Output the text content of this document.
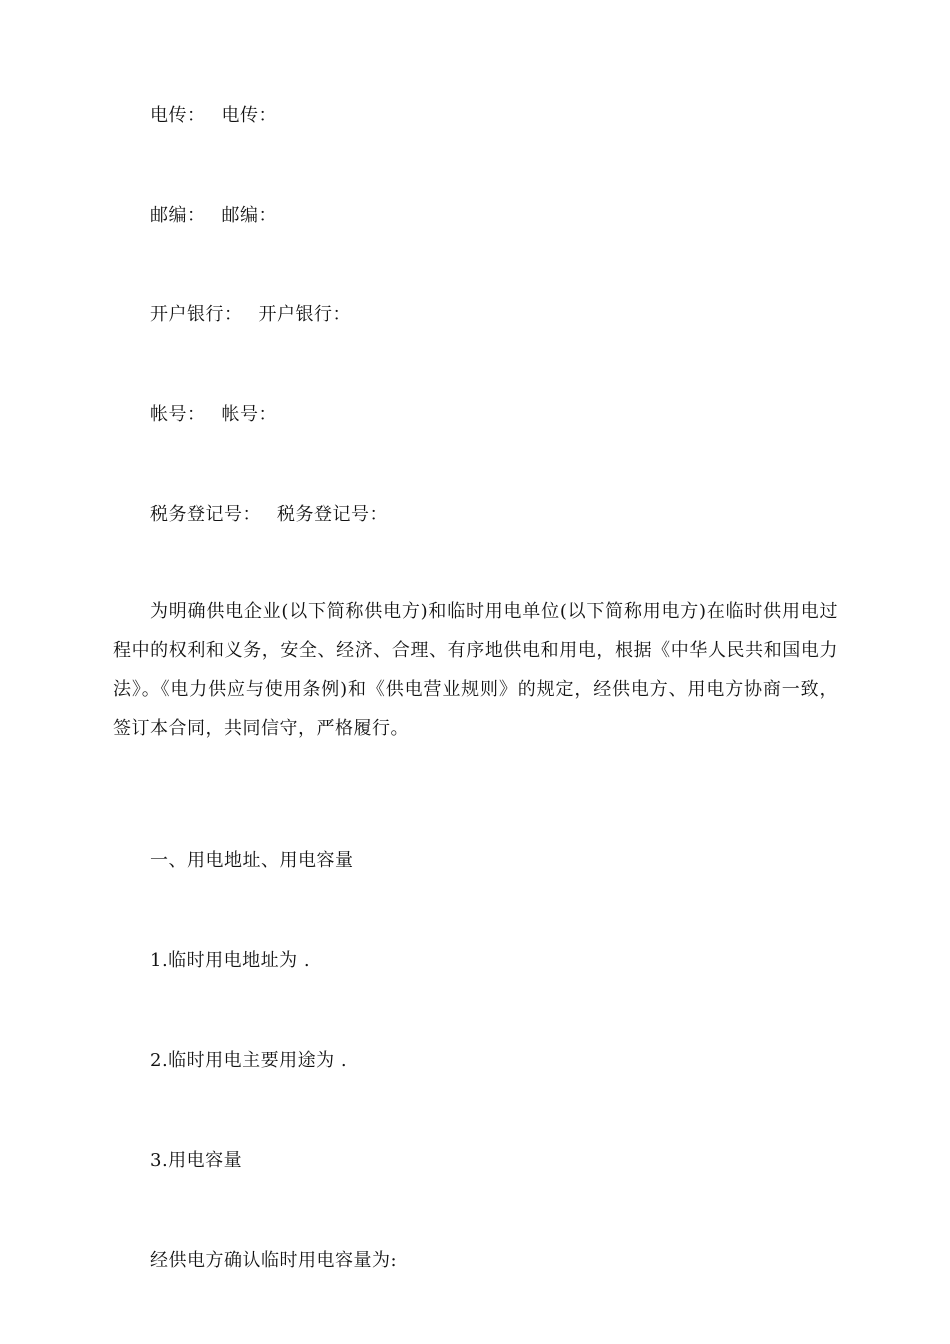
电传： 电传：
邮编： 邮编：
开户银行： 开户银行：
帐号： 帐号：
税务登记号： 税务登记号：
为明确供电企业(以下简称供电方)和临时用电单位(以下简称用电方)在临时供用电过程中的权利和义务，安全、经济、合理、有序地供电和用电，根据《中华人民共和国电力法》。《电力供应与使用条例)和《供电营业规则》的规定，经供电方、用电方协商一致，签订本合同，共同信守，严格履行。
一、用电地址、用电容量
1.临时用电地址为 .
2.临时用电主要用途为 .
3.用电容量
经供电方确认临时用电容量为:
